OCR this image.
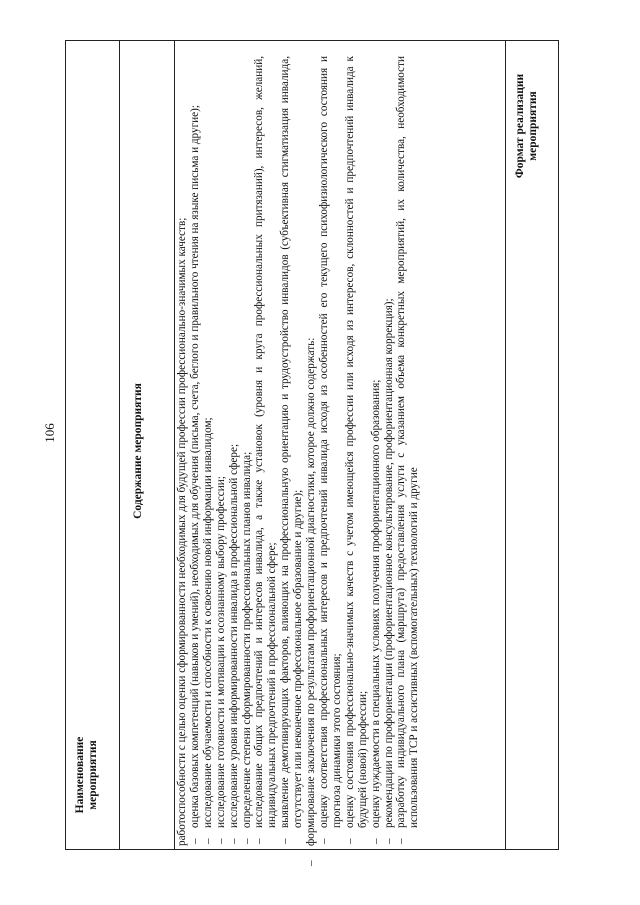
106
Наименование мероприятия
Содержание мероприятия	работоспособности с целью оценки сформированности необходимых для будущей профессии профессионально-значимых качеств; –
оценка базовых компетенций (навыков и умений), необходимых для обучения (письма, счета, беглого и правильного чтения на языке письма и другие);

–
исследование обучаемости и способности к освоению новой информации инвалидом;

–
исследование готовности и мотивации к осознанному выбору профессии;

–
исследование уровня информированности инвалида в профессиональной сфере;

–
определение степени сформированности профессиональных планов инвалида;

–
исследование общих предпочтений и интересов инвалида, а также установок (уровня и круга профессиональных притязаний), интересов, желаний, индивидуальных предпочтений в профессиональной сфере;

–
выявление демотивирующих факторов, влияющих на профессиональную ориентацию и трудоустройство инвалидов (субъективная стигматизация инвалида, отсутствует или неконечное профессиональное образование и другие);

–
формирование заключения по результатам профориентационной диагностики, которое должно содержать: –
оценку соответствия профессиональных интересов и предпочтений инвалида исходя из особенностей его текущего психофизиологического состояния и прогноза динамики этого состояния;

–
оценку состояния профессионально-значимых качеств с учетом имеющейся профессии или исходя из интересов, склонностей и предпочтений инвалида к будущей (новой) профессии;

–
оценку нуждаемости в специальных условиях получения профориентационного образования;

–
рекомендации по профориентации (профориентационное консультирование, профориентационная коррекция);

–
разработку индивидуального плана (маршрута) предоставления услуги с указанием объема конкретных мероприятий, их количества, необходимости использования ТСР и ассистивных (вспомогательных) технологий и другие

Формат реализации мероприятия
